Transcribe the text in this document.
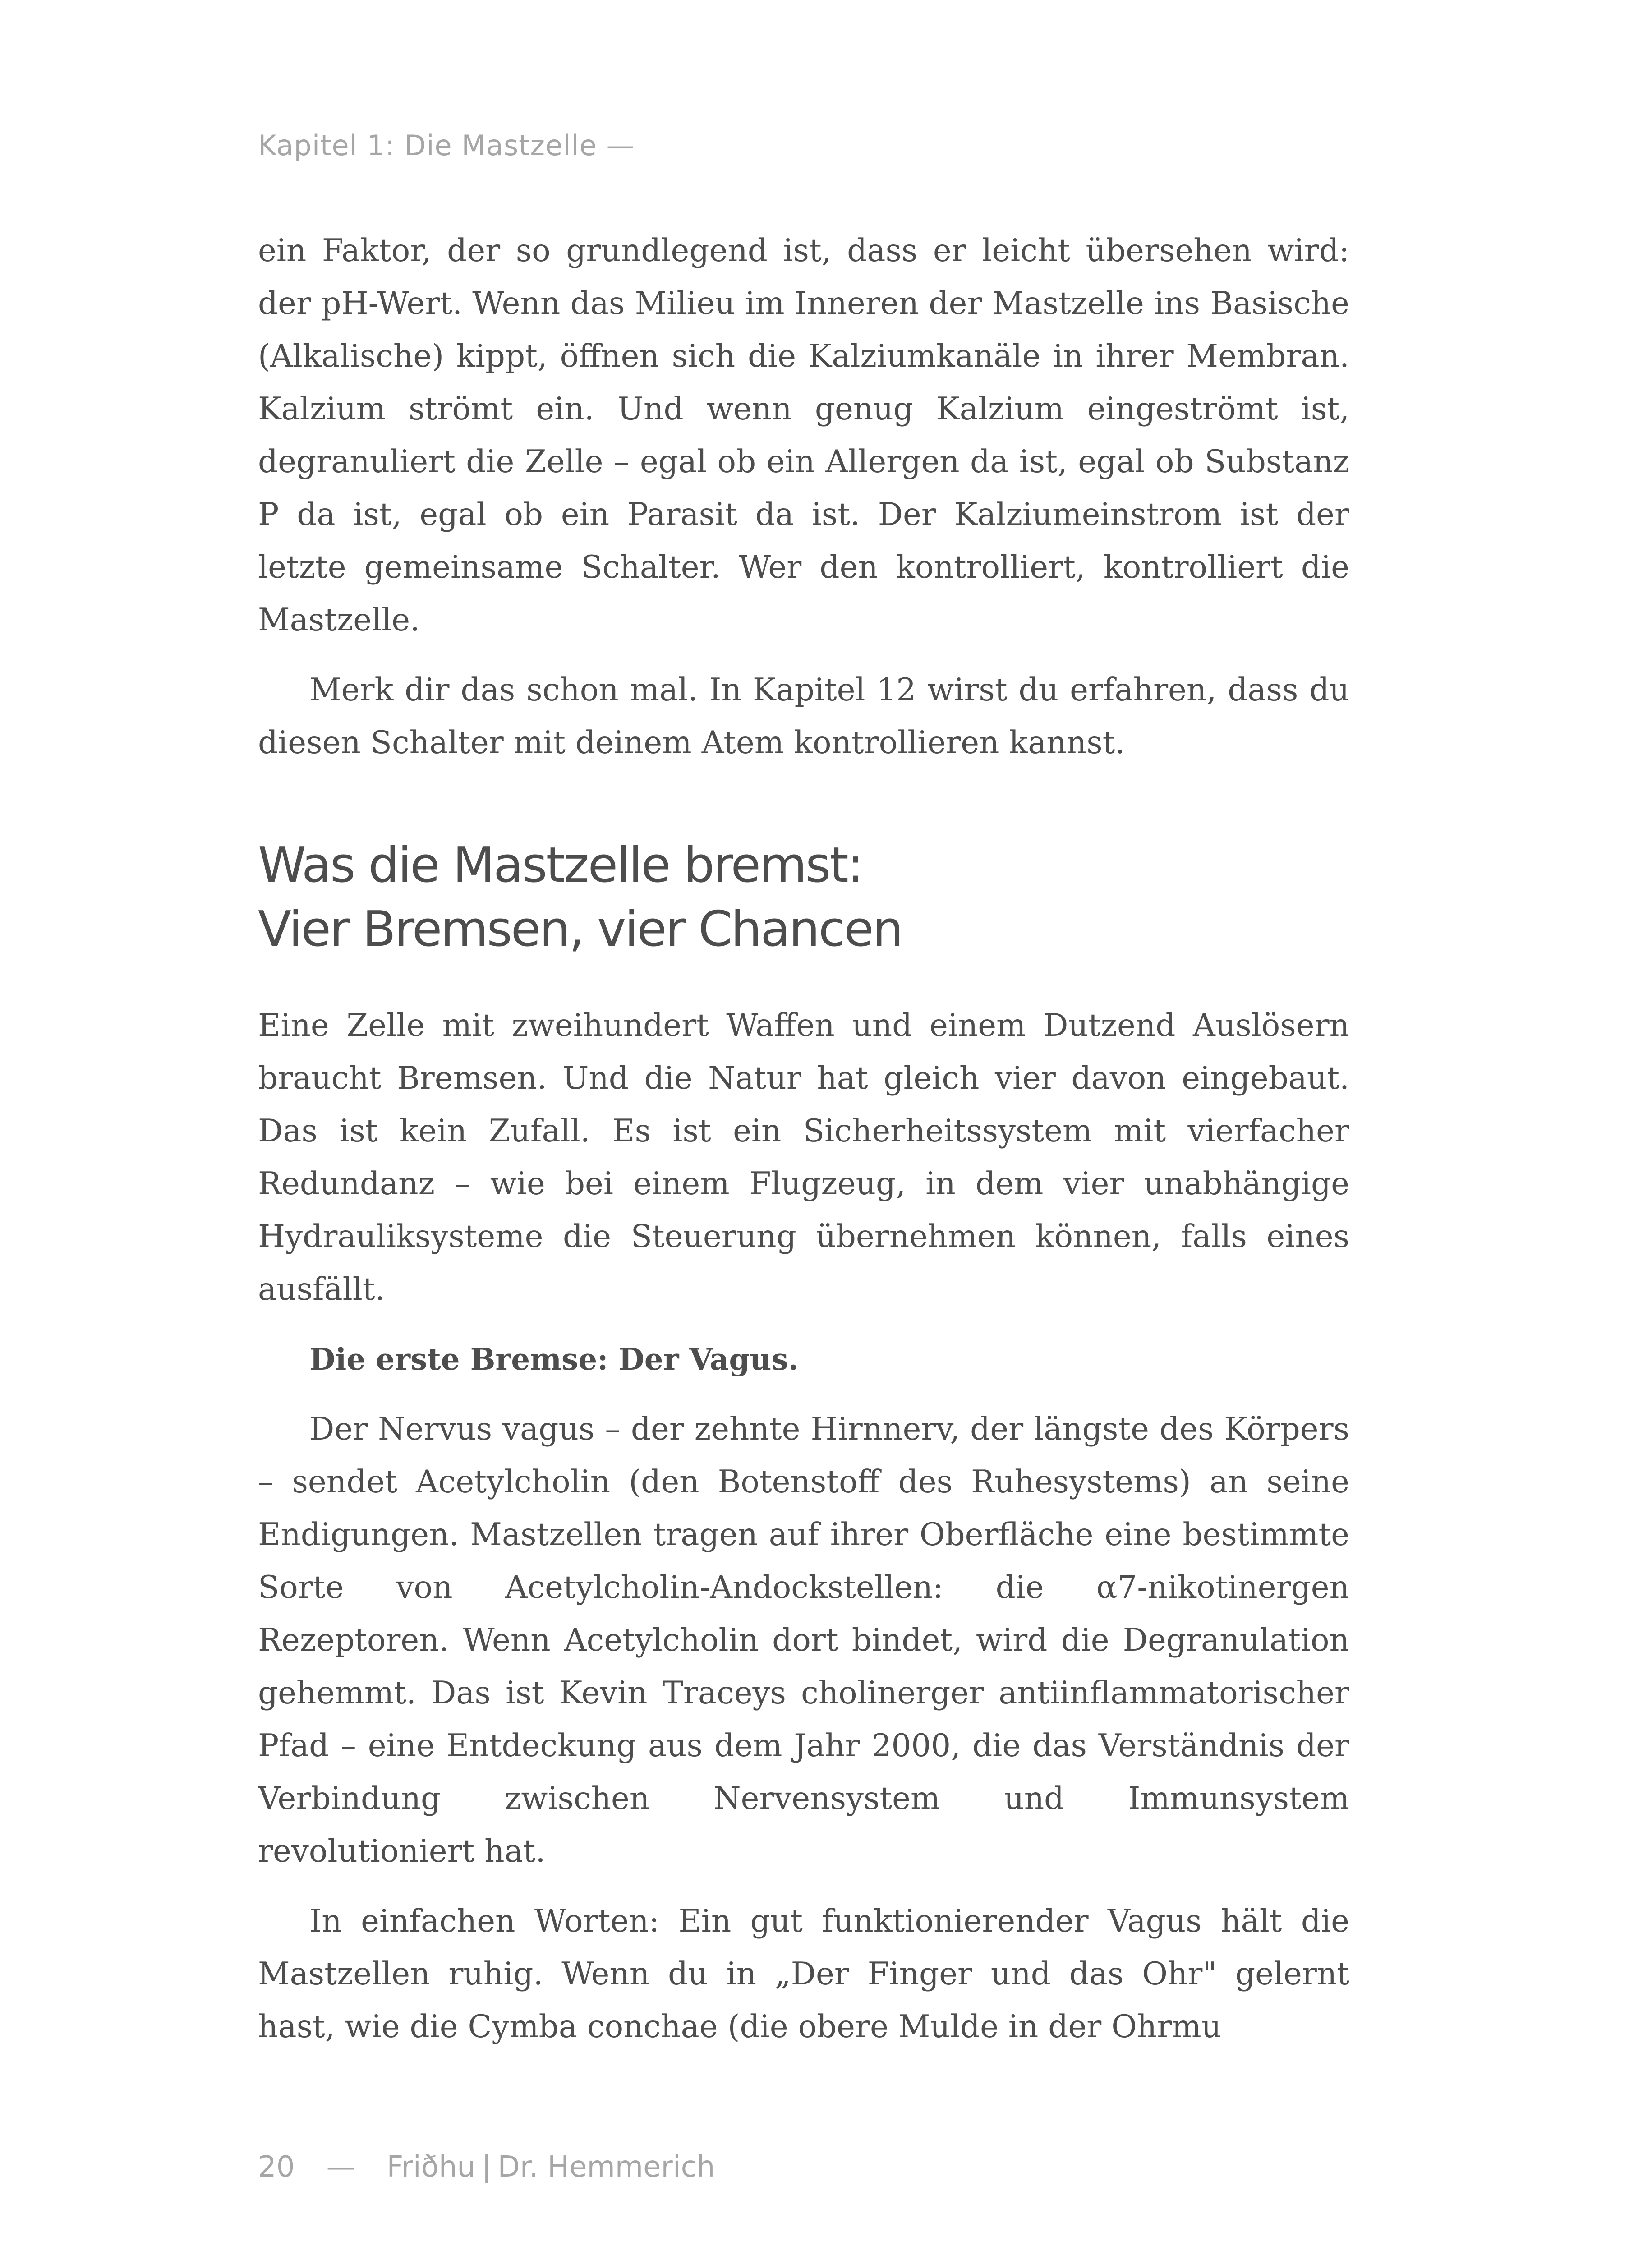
Kapitel 1: Die Mastzelle —

ein Faktor, der so grundlegend ist, dass er leicht übersehen wird: der pH-Wert. Wenn das Milieu im Inneren der Mastzelle ins Basische (Alkalische) kippt, öffnen sich die Kalziumkanäle in ihrer Membran. Kalzium strömt ein. Und wenn genug Kalzium eingeströmt ist, degranuliert die Zelle – egal ob ein Allergen da ist, egal ob Substanz P da ist, egal ob ein Parasit da ist. Der Kalziumeinstrom ist der letzte gemeinsame Schalter. Wer den kontrolliert, kontrolliert die Mastzelle.

Merk dir das schon mal. In Kapitel 12 wirst du erfahren, dass du diesen Schalter mit deinem Atem kontrollieren kannst.

Was die Mastzelle bremst:
Vier Bremsen, vier Chancen

Eine Zelle mit zweihundert Waffen und einem Dutzend Auslösern braucht Bremsen. Und die Natur hat gleich vier davon eingebaut. Das ist kein Zufall. Es ist ein Sicherheitssystem mit vierfacher Redundanz – wie bei einem Flugzeug, in dem vier unabhängige Hydrauliksysteme die Steuerung übernehmen können, falls eines ausfällt.

Die erste Bremse: Der Vagus.

Der Nervus vagus – der zehnte Hirnnerv, der längste des Körpers – sendet Acetylcholin (den Botenstoff des Ruhesystems) an seine Endigungen. Mastzellen tragen auf ihrer Oberfläche eine bestimmte Sorte von Acetylcholin-Andockstellen: die α7-nikotinergen Rezeptoren. Wenn Acetylcholin dort bindet, wird die Degranulation gehemmt. Das ist Kevin Traceys cholinerger antiinflammatorischer Pfad – eine Entdeckung aus dem Jahr 2000, die das Verständnis der Verbindung zwischen Nervensystem und Immunsystem revolutioniert hat.

In einfachen Worten: Ein gut funktionierender Vagus hält die Mastzellen ruhig. Wenn du in „Der Finger und das Ohr" gelernt hast, wie die Cymba conchae (die obere Mulde in der Ohrmu

20 — Friðhu | Dr. Hemmerich
